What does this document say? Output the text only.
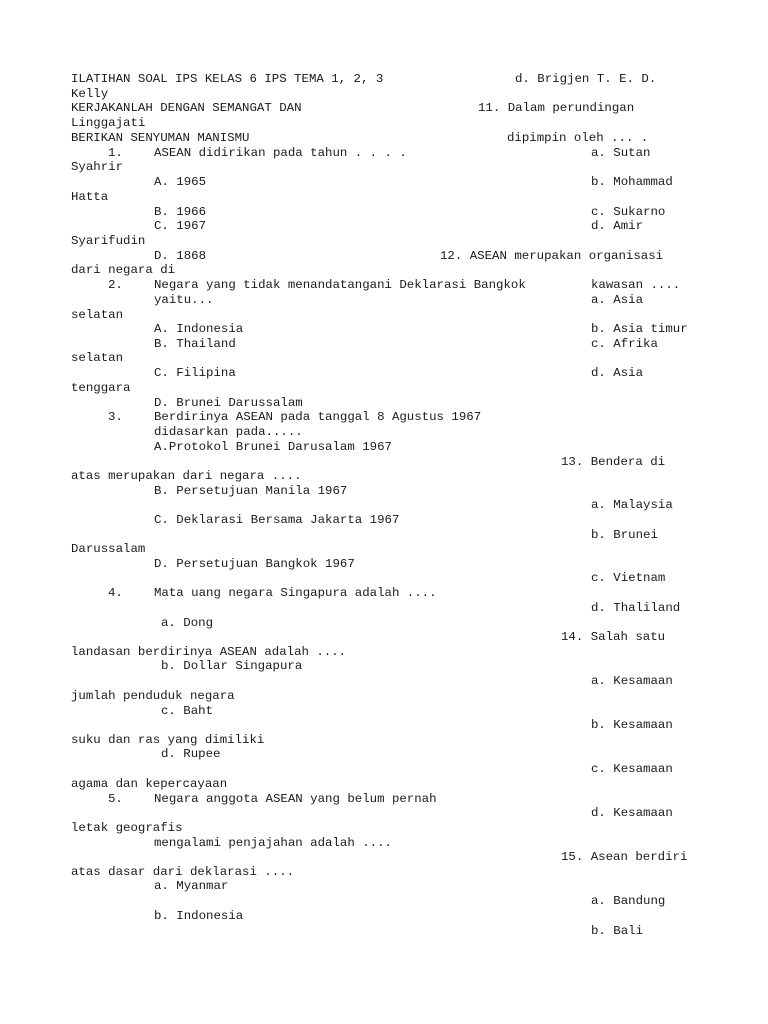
ILATIHAN SOAL IPS KELAS 6 IPS TEMA 1, 2, 3	d. Brigjen T. E. D.
Kelly
KERJAKANLAH DENGAN SEMANGAT DAN	11. Dalam perundingan
Linggajati
BERIKAN SENYUMAN MANISMU	dipimpin oleh ... .
1.	ASEAN didirikan pada tahun . . . .	a. Sutan
Syahrir
A. 1965	b. Mohammad
Hatta
B. 1966	c. Sukarno
C. 1967	d. Amir
Syarifudin
D. 1868	12. ASEAN merupakan organisasi
dari negara di
2.	Negara yang tidak menandatangani Deklarasi Bangkok	kawasan ....
yaitu...	a. Asia
selatan
A. Indonesia	b. Asia timur
B. Thailand	c. Afrika
selatan
C. Filipina	d. Asia
tenggara
D. Brunei Darussalam
3.	Berdirinya ASEAN pada tanggal 8 Agustus 1967
didasarkan pada.....
A.Protokol Brunei Darusalam 1967
13. Bendera di
atas merupakan dari negara ....
B. Persetujuan Manila 1967
a. Malaysia
C. Deklarasi Bersama Jakarta 1967
b. Brunei
Darussalam
D. Persetujuan Bangkok 1967
c. Vietnam
4.	Mata uang negara Singapura adalah ....
d. Thaliland
a. Dong
14. Salah satu
landasan berdirinya ASEAN adalah ....
b. Dollar Singapura
a. Kesamaan
jumlah penduduk negara
c. Baht
b. Kesamaan
suku dan ras yang dimiliki
d. Rupee
c. Kesamaan
agama dan kepercayaan
5.	Negara anggota ASEAN yang belum pernah
d. Kesamaan
letak geografis
mengalami penjajahan adalah ....
15. Asean berdiri
atas dasar dari deklarasi ....
a. Myanmar
a. Bandung
b. Indonesia
b. Bali
